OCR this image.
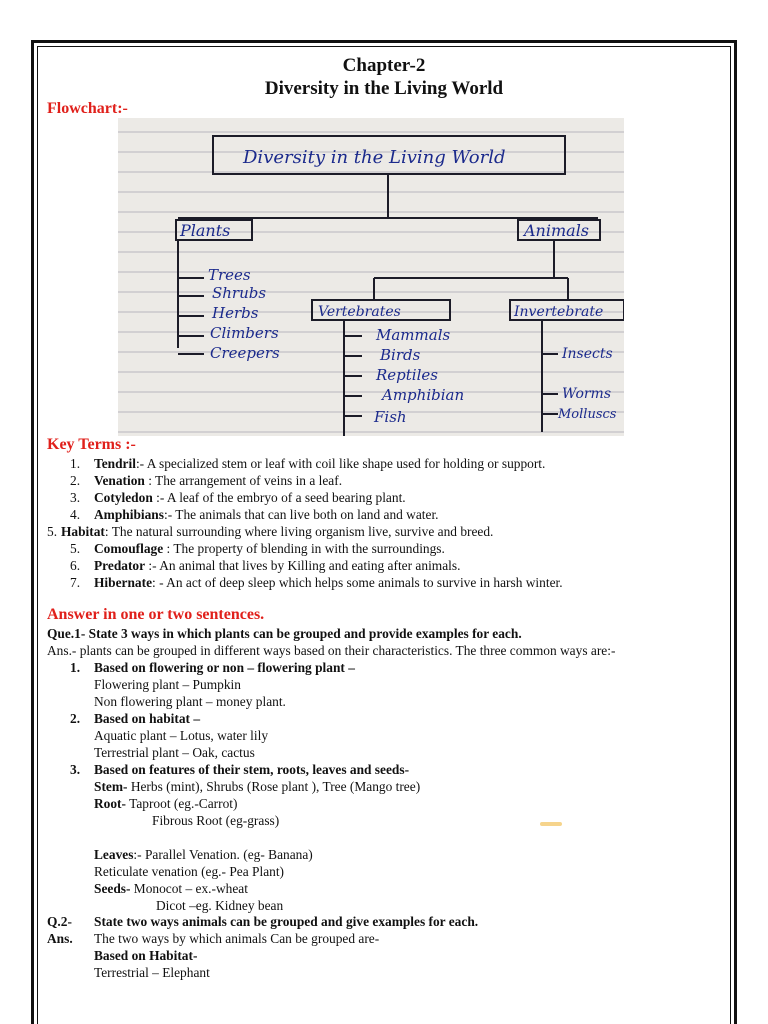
Chapter-2
Diversity in the Living World
Flowchart:-
Diversity in the Living World
Plants	Animals
Trees
Shrubs
Herbs
Climbers
Creepers
Vertebrates	Invertebrate
Mammals
Birds
Reptiles
Amphibian
Fish
Insects
Worms
Molluscs
Key Terms :-
1. Tendril:- A specialized stem or leaf with coil like shape used for holding or support.
2. Venation : The arrangement of veins in a leaf.
3. Cotyledon :- A leaf of the embryo of a seed bearing plant.
4. Amphibians:- The animals that can live both on land and water.
5. Habitat: The natural surrounding where living organism live, survive and breed.
5. Comouflage : The property of blending in with the surroundings.
6. Predator :- An animal that lives by Killing and eating after animals.
7. Hibernate: - An act of deep sleep which helps some animals to survive in harsh winter.
Answer in one or two sentences.
Que.1- State 3 ways in which plants can be grouped and provide examples for each.
Ans.- plants can be grouped in different ways based on their characteristics. The three common ways are:-
1. Based on flowering or non – flowering plant –
Flowering plant – Pumpkin
Non flowering plant – money plant.
2. Based on habitat –
Aquatic plant – Lotus, water lily
Terrestrial plant – Oak, cactus
3. Based on features of their stem, roots, leaves and seeds-
Stem- Herbs (mint), Shrubs (Rose plant ), Tree (Mango tree)
Root- Taproot (eg.-Carrot)
Fibrous Root (eg-grass)
Leaves:- Parallel Venation. (eg- Banana)
Reticulate venation (eg.- Pea Plant)
Seeds- Monocot – ex.-wheat
Dicot –eg. Kidney bean
Q.2- State two ways animals can be grouped and give examples for each.
Ans. The two ways by which animals Can be grouped are-
Based on Habitat-
Terrestrial – Elephant
